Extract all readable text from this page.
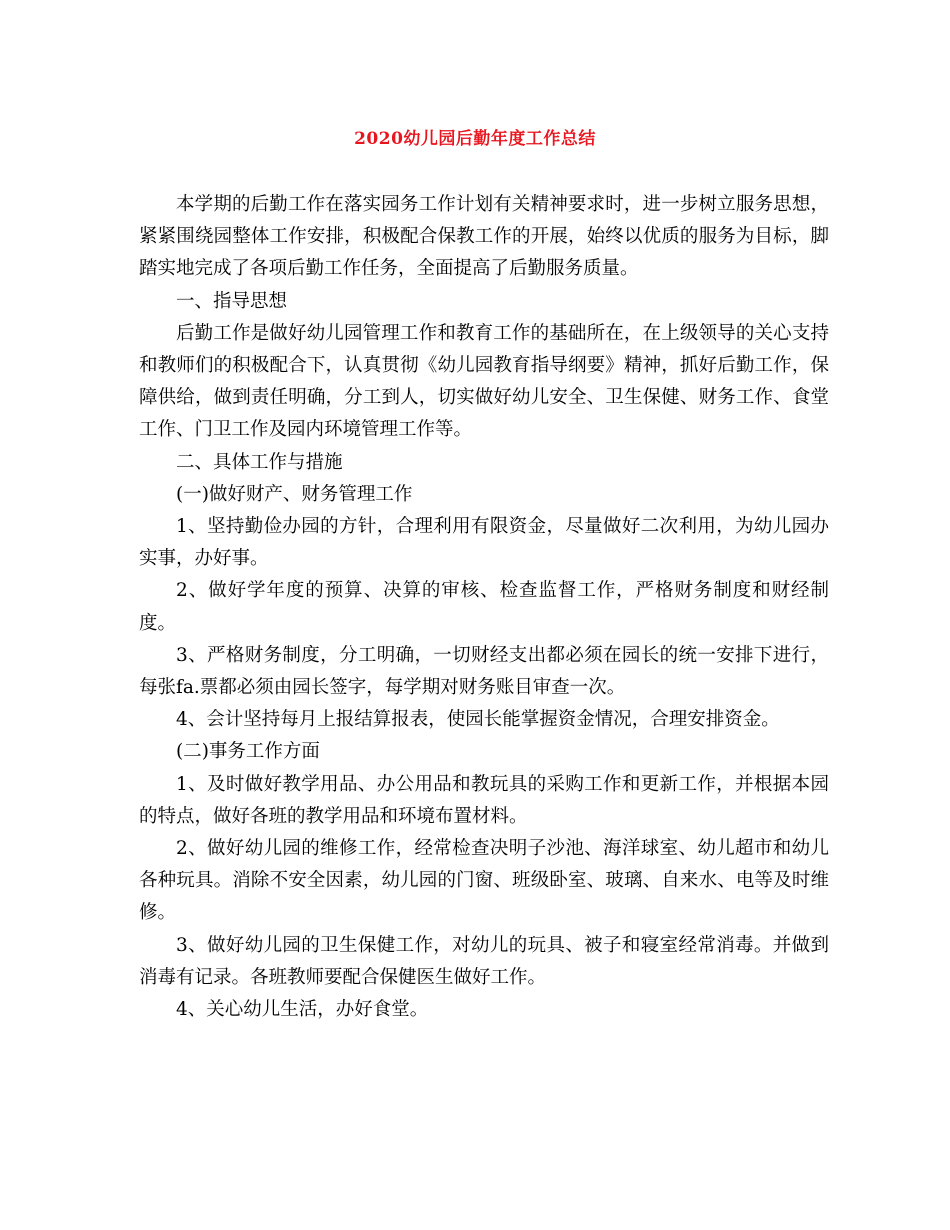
2020幼儿园后勤年度工作总结

本学期的后勤工作在落实园务工作计划有关精神要求时，进一步树立服务思想，紧紧围绕园整体工作安排，积极配合保教工作的开展，始终以优质的服务为目标，脚踏实地完成了各项后勤工作任务，全面提高了后勤服务质量。

一、指导思想

后勤工作是做好幼儿园管理工作和教育工作的基础所在，在上级领导的关心支持和教师们的积极配合下，认真贯彻《幼儿园教育指导纲要》精神，抓好后勤工作，保障供给，做到责任明确，分工到人，切实做好幼儿安全、卫生保健、财务工作、食堂工作、门卫工作及园内环境管理工作等。

二、具体工作与措施

(一)做好财产、财务管理工作

1、坚持勤俭办园的方针，合理利用有限资金，尽量做好二次利用，为幼儿园办实事，办好事。

2、做好学年度的预算、决算的审核、检查监督工作，严格财务制度和财经制度。

3、严格财务制度，分工明确，一切财经支出都必须在园长的统一安排下进行，每张fa.票都必须由园长签字，每学期对财务账目审查一次。

4、会计坚持每月上报结算报表，使园长能掌握资金情况，合理安排资金。

(二)事务工作方面

1、及时做好教学用品、办公用品和教玩具的采购工作和更新工作，并根据本园的特点，做好各班的教学用品和环境布置材料。

2、做好幼儿园的维修工作，经常检查决明子沙池、海洋球室、幼儿超市和幼儿各种玩具。消除不安全因素，幼儿园的门窗、班级卧室、玻璃、自来水、电等及时维修。

3、做好幼儿园的卫生保健工作，对幼儿的玩具、被子和寝室经常消毒。并做到消毒有记录。各班教师要配合保健医生做好工作。

4、关心幼儿生活，办好食堂。
